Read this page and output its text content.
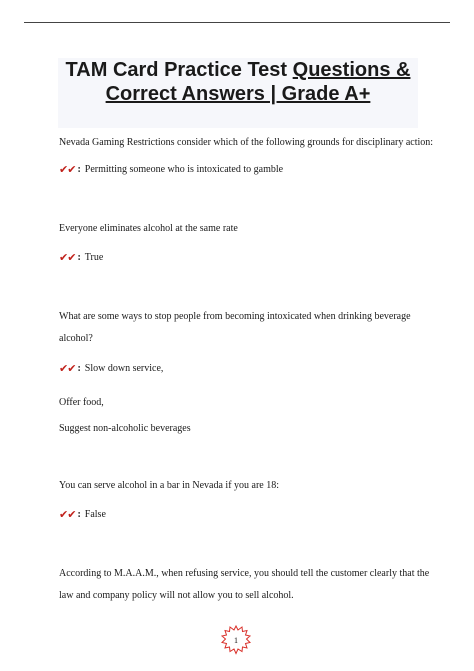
TAM Card Practice Test Questions &
Correct Answers | Grade A+
Nevada Gaming Restrictions consider which of the following grounds for disciplinary action:
✔✔ : Permitting someone who is intoxicated to gamble
Everyone eliminates alcohol at the same rate
✔✔ : True
What are some ways to stop people from becoming intoxicated when drinking beverage
alcohol?
✔✔ : Slow down service,
Offer food,
Suggest non-alcoholic beverages
You can serve alcohol in a bar in Nevada if you are 18:
✔✔ : False
According to M.A.A.M., when refusing service, you should tell the customer clearly that the
law and company policy will not allow you to sell alcohol.
1
